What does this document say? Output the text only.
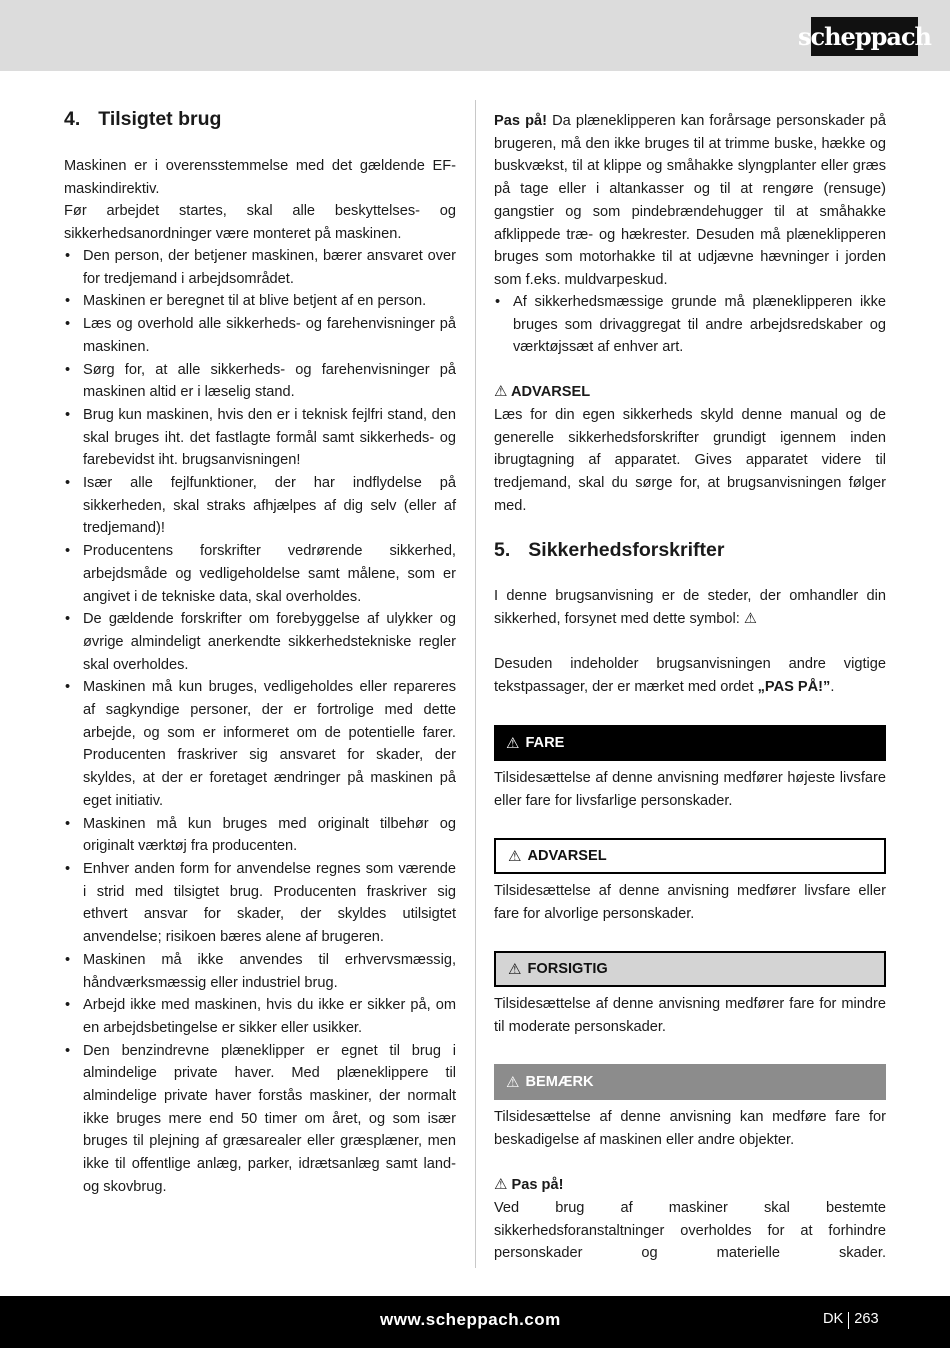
scheppach
4. Tilsigtet brug

Maskinen er i overensstemmelse med det gældende EF-maskindirektiv.

Før arbejdet startes, skal alle beskyttelses- og sikkerhedsanordninger være monteret på maskinen.

• Den person, der betjener maskinen, bærer ansvaret over for tredjemand i arbejdsområdet.
• Maskinen er beregnet til at blive betjent af en person.
• Læs og overhold alle sikkerheds- og farehenvisninger på maskinen.
• Sørg for, at alle sikkerheds- og farehenvisninger på maskinen altid er i læselig stand.
• Brug kun maskinen, hvis den er i teknisk fejlfri stand, den skal bruges iht. det fastlagte formål samt sikkerheds- og farebevidst iht. brugsanvisningen!
• Især alle fejlfunktioner, der har indflydelse på sikkerheden, skal straks afhjælpes af dig selv (eller af tredjemand)!
• Producentens forskrifter vedrørende sikkerhed, arbejdsmåde og vedligeholdelse samt målene, som er angivet i de tekniske data, skal overholdes.
• De gældende forskrifter om forebyggelse af ulykker og øvrige almindeligt anerkendte sikkerhedstekniske regler skal overholdes.
• Maskinen må kun bruges, vedligeholdes eller repareres af sagkyndige personer, der er fortrolige med dette arbejde, og som er informeret om de potentielle farer. Producenten fraskriver sig ansvaret for skader, der skyldes, at der er foretaget ændringer på maskinen på eget initiativ.
• Maskinen må kun bruges med originalt tilbehør og originalt værktøj fra producenten.
• Enhver anden form for anvendelse regnes som værende i strid med tilsigtet brug. Producenten fraskriver sig ethvert ansvar for skader, der skyldes utilsigtet anvendelse; risikoen bæres alene af brugeren.
• Maskinen må ikke anvendes til erhvervsmæssig, håndværksmæssig eller industriel brug.
• Arbejd ikke med maskinen, hvis du ikke er sikker på, om en arbejdsbetingelse er sikker eller usikker.
• Den benzindrevne plæneklipper er egnet til brug i almindelige private haver. Med plæneklippere til almindelige private haver forstås maskiner, der normalt ikke bruges mere end 50 timer om året, og som især bruges til plejning af græsarealer eller græsplæner, men ikke til offentlige anlæg, parker, idrætsanlæg samt land- og skovbrug.

Pas på! Da plæneklipperen kan forårsage personskader på brugeren, må den ikke bruges til at trimme buske, hække og buskvækst, til at klippe og småhakke slyngplanter eller græs på tage eller i altankasser og til at rengøre (rensuge) gangstier og som pindebrændehugger til at småhakke afklippede træ- og hækrester. Desuden må plæneklipperen bruges som motorhakke til at udjævne hævninger i jorden som f.eks. muldvarpeskud.

• Af sikkerhedsmæssige grunde må plæneklipperen ikke bruges som drivaggregat til andre arbejdsredskaber og værktøjssæt af enhver art.

⚠ ADVARSEL

Læs for din egen sikkerheds skyld denne manual og de generelle sikkerhedsforskrifter grundigt igennem inden ibrugtagning af apparatet. Gives apparatet videre til tredjemand, skal du sørge for, at brugsanvisningen følger med.

5. Sikkerhedsforskrifter

I denne brugsanvisning er de steder, der omhandler din sikkerhed, forsynet med dette symbol: ⚠

Desuden indeholder brugsanvisningen andre vigtige tekstpassager, der er mærket med ordet „PAS PÅ!”.

⚠ FARE

Tilsidesættelse af denne anvisning medfører højeste livsfare eller fare for livsfarlige personskader.

⚠ ADVARSEL

Tilsidesættelse af denne anvisning medfører livsfare eller fare for alvorlige personskader.

⚠ FORSIGTIG

Tilsidesættelse af denne anvisning medfører fare for mindre til moderate personskader.

⚠ BEMÆRK

Tilsidesættelse af denne anvisning kan medføre fare for beskadigelse af maskinen eller andre objekter.

⚠ Pas på!

Ved brug af maskiner skal bestemte sikkerhedsforanstaltninger overholdes for at forhindre personskader og materielle skader.

www.scheppach.com	DK 263
